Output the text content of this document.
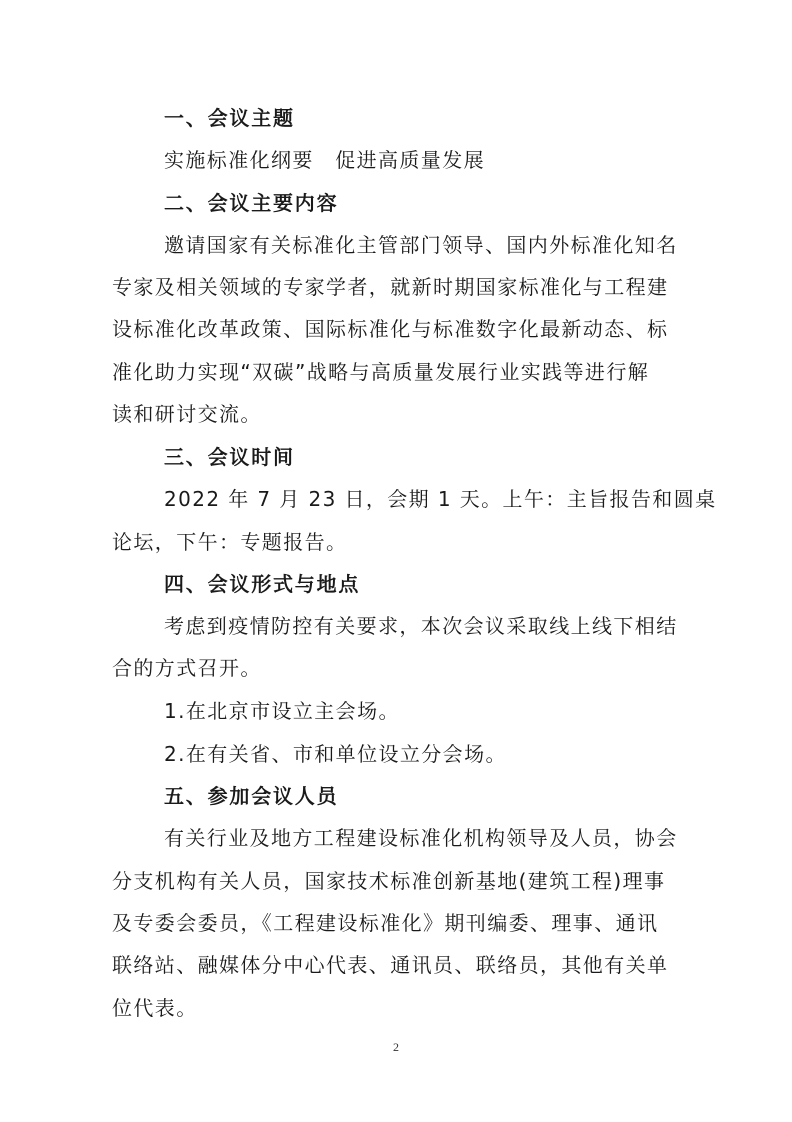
一、会议主题
实施标准化纲要　促进高质量发展
二、会议主要内容
邀请国家有关标准化主管部门领导、国内外标准化知名
专家及相关领域的专家学者，就新时期国家标准化与工程建
设标准化改革政策、国际标准化与标准数字化最新动态、标
准化助力实现“双碳”战略与高质量发展行业实践等进行解
读和研讨交流。
三、会议时间
2022 年 7 月 23 日，会期 1 天。上午：主旨报告和圆桌
论坛，下午：专题报告。
四、会议形式与地点
考虑到疫情防控有关要求，本次会议采取线上线下相结
合的方式召开。
1.在北京市设立主会场。
2.在有关省、市和单位设立分会场。
五、参加会议人员
有关行业及地方工程建设标准化机构领导及人员，协会
分支机构有关人员，国家技术标准创新基地(建筑工程)理事
及专委会委员，《工程建设标准化》期刊编委、理事、通讯
联络站、融媒体分中心代表、通讯员、联络员，其他有关单
位代表。
2
